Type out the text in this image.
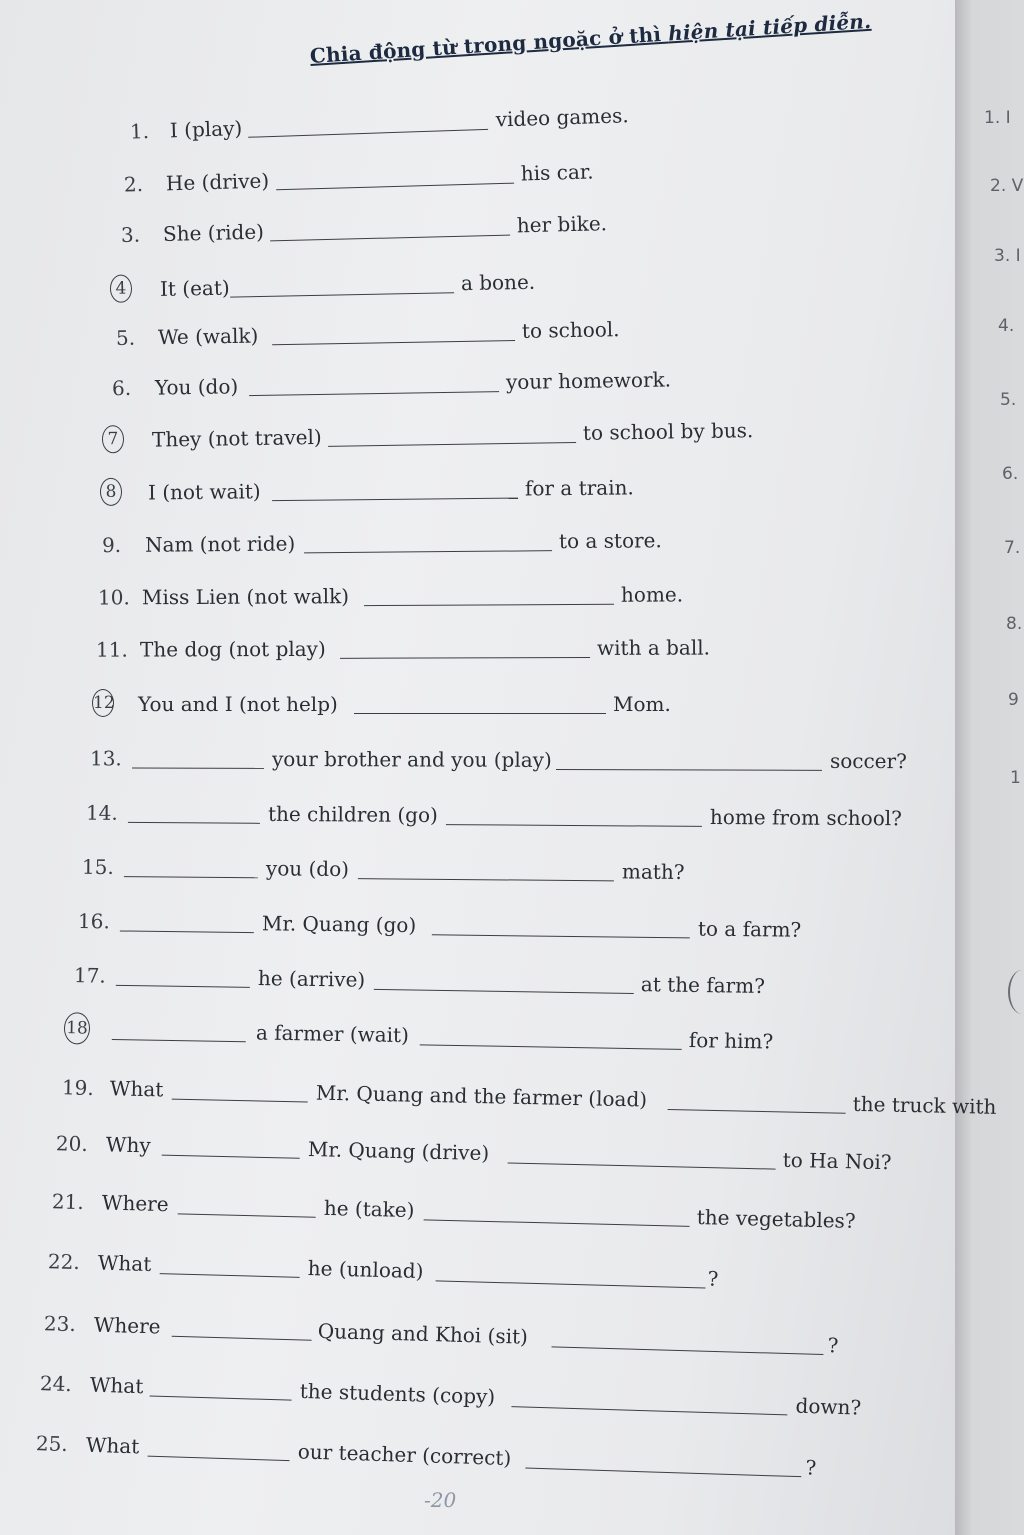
Chia động từ trong ngoặc ở thì hiện tại tiếp diễn.
1. I (play)	video games.
2. He (drive)	his car.
3. She (ride)	her bike.
4 It (eat)	a bone.
5. We (walk)	to school.
6. You (do)	your homework.
7 They (not travel)	to school by bus.
8 I (not wait)	for a train.
9. Nam (not ride)	to a store.
10. Miss Lien (not walk)	home.
11. The dog (not play)	with a ball.
12 You and I (not help)	Mom.
13.	your brother and you (play)	soccer?
14.	the children (go)	home from school?
15.	you (do)	math?
16.	Mr. Quang (go)	to a farm?
17.	he (arrive)	at the farm?
18	a farmer (wait)	for him?
19. What	Mr. Quang and the farmer (load)	the truck with
20. Why	Mr. Quang (drive)	to Ha Noi?
21. Where	he (take)	the vegetables?
22. What	he (unload)	?
23. Where	Quang and Khoi (sit)	?
24. What	the students (copy)	down?
25. What	our teacher (correct)	?
1. I
2. V
3. I
4.
5.
6.
7.
8.
9
1
-20
